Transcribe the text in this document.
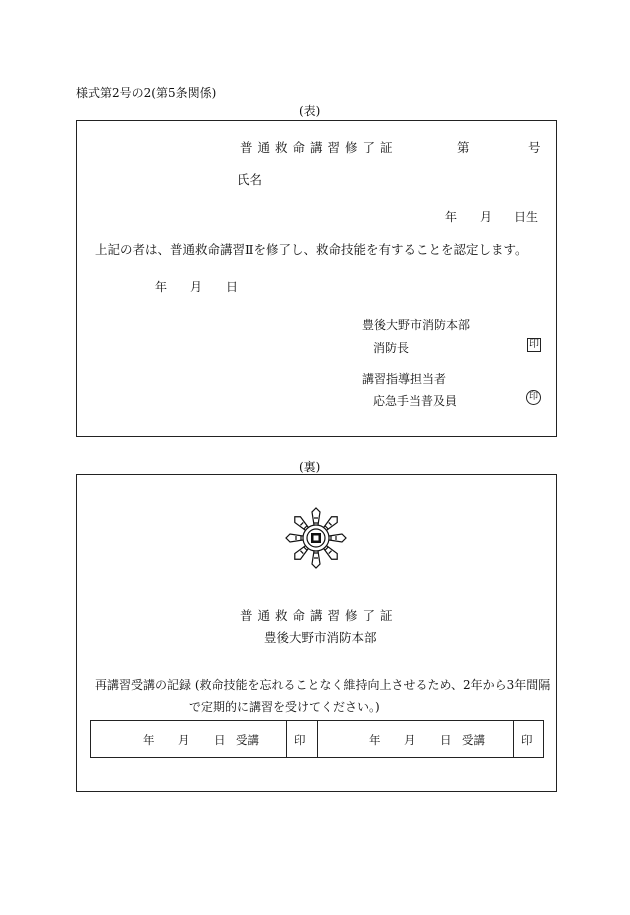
様式第2号の2(第5条関係)
(表)
普通救命講習修了証	第	号
氏名
年 月 日生
上記の者は、普通救命講習Ⅱを修了し、救命技能を有することを認定します。
年 月 日
豊後大野市消防本部
消防長	印
講習指導担当者
応急手当普及員	印
(裏)
普通救命講習修了証
豊後大野市消防本部
再講習受講の記録 (救命技能を忘れることなく維持向上させるため、2年から3年間隔
で定期的に講習を受けてください。)
年 月 日 受講	印	年 月 日 受講	印
